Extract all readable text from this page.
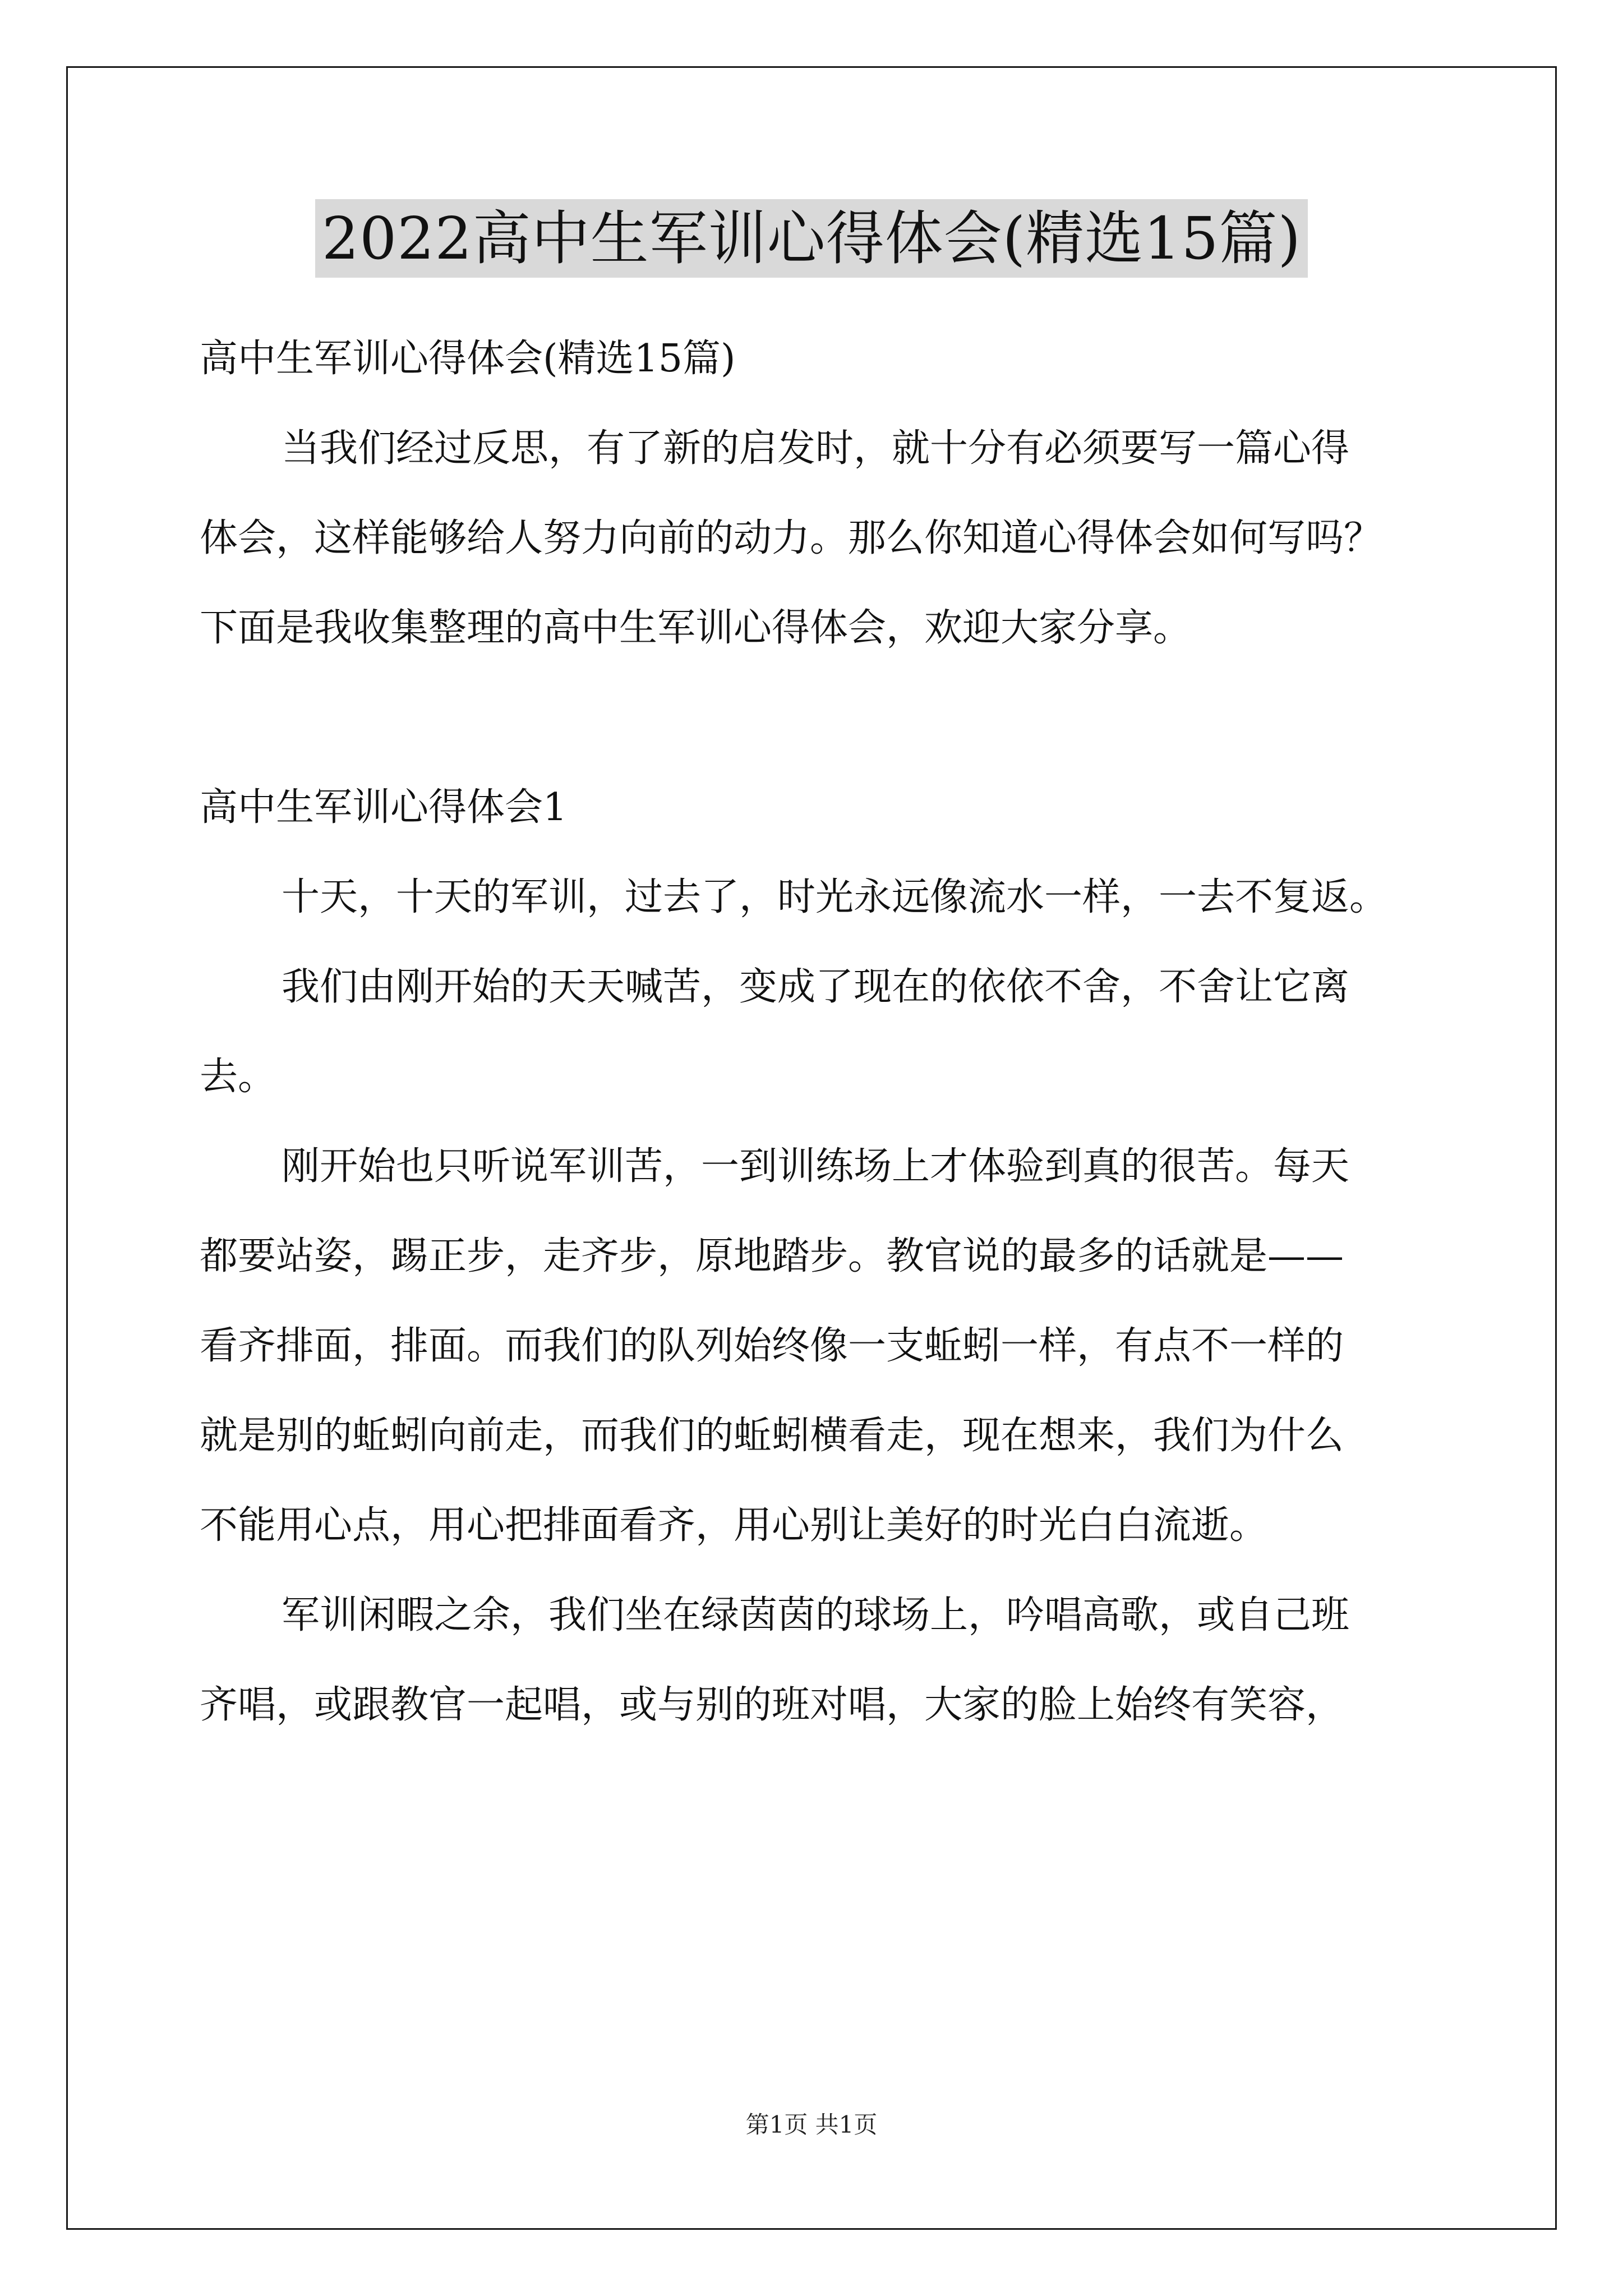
2022高中生军训心得体会(精选15篇)
高中生军训心得体会(精选15篇)
当我们经过反思，有了新的启发时，就十分有必须要写一篇心得
体会，这样能够给人努力向前的动力。那么你知道心得体会如何写吗？
下面是我收集整理的高中生军训心得体会，欢迎大家分享。
高中生军训心得体会1
十天，十天的军训，过去了，时光永远像流水一样，一去不复返。
我们由刚开始的天天喊苦，变成了现在的依依不舍，不舍让它离
去。
刚开始也只听说军训苦，一到训练场上才体验到真的很苦。每天
都要站姿，踢正步，走齐步，原地踏步。教官说的最多的话就是——
看齐排面，排面。而我们的队列始终像一支蚯蚓一样，有点不一样的
就是别的蚯蚓向前走，而我们的蚯蚓横看走，现在想来，我们为什么
不能用心点，用心把排面看齐，用心别让美好的时光白白流逝。
军训闲暇之余，我们坐在绿茵茵的球场上，吟唱高歌，或自己班
齐唱，或跟教官一起唱，或与别的班对唱，大家的脸上始终有笑容，
第1页 共1页
